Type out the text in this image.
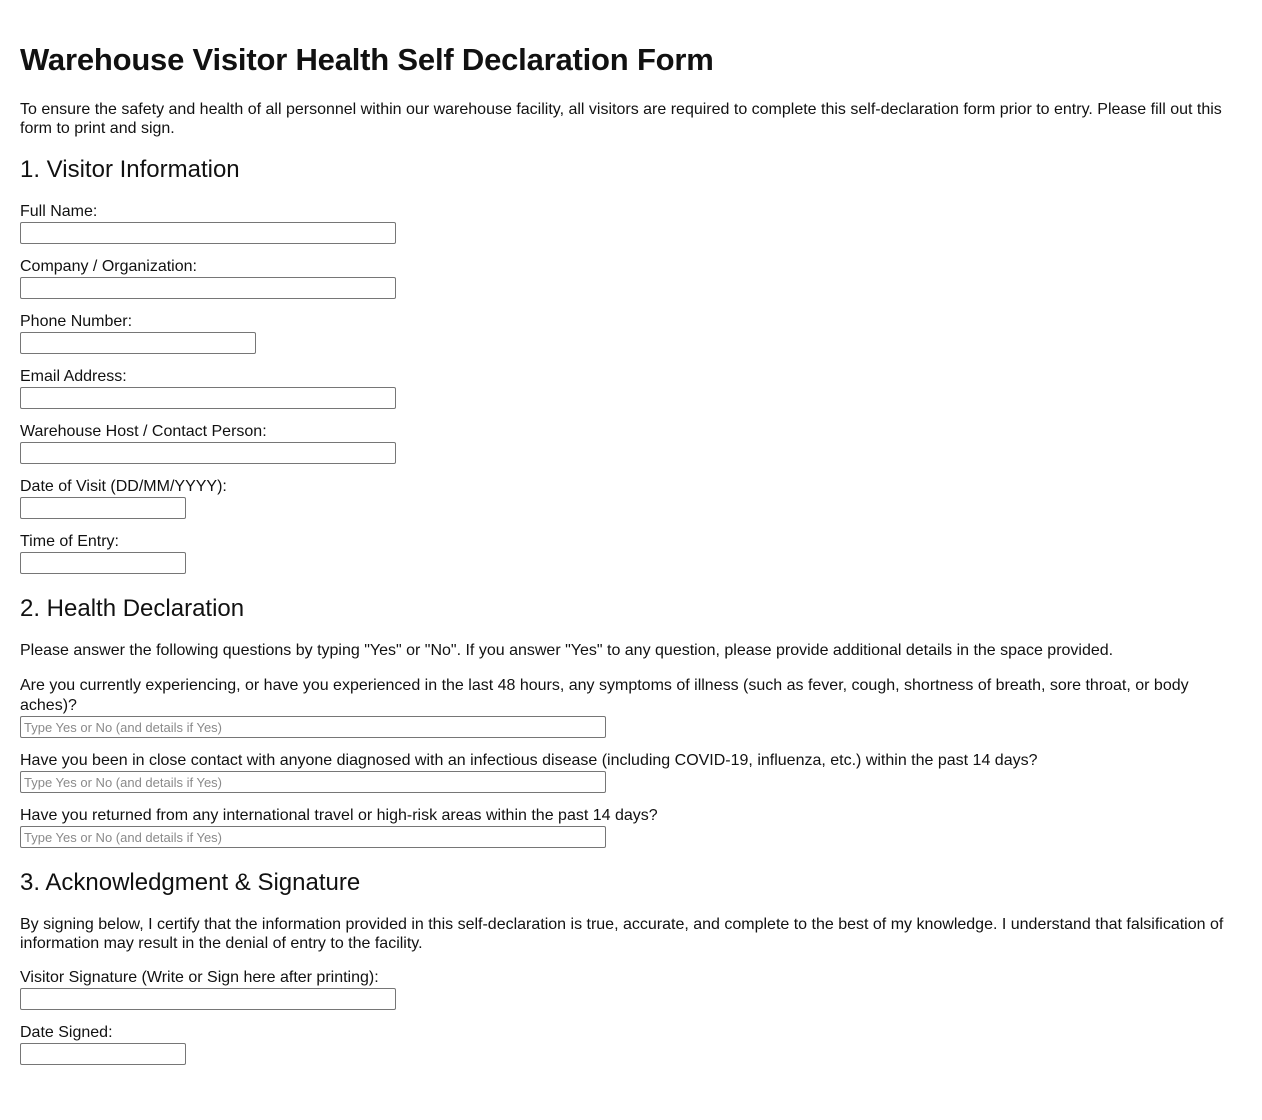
Warehouse Visitor Health Self Declaration Form

To ensure the safety and health of all personnel within our warehouse facility, all visitors are required to complete this self-declaration form prior to entry. Please fill out this form to print and sign.

1. Visitor Information
Full Name:
Company / Organization:
Phone Number:
Email Address:
Warehouse Host / Contact Person:
Date of Visit (DD/MM/YYYY):
Time of Entry:
2. Health Declaration

Please answer the following questions by typing "Yes" or "No". If you answer "Yes" to any question, please provide additional details in the space provided.

Are you currently experiencing, or have you experienced in the last 48 hours, any symptoms of illness (such as fever, cough, shortness of breath, sore throat, or body aches)?
Type Yes or No (and details if Yes)
Have you been in close contact with anyone diagnosed with an infectious disease (including COVID-19, influenza, etc.) within the past 14 days?
Type Yes or No (and details if Yes)
Have you returned from any international travel or high-risk areas within the past 14 days?
Type Yes or No (and details if Yes)
3. Acknowledgment & Signature

By signing below, I certify that the information provided in this self-declaration is true, accurate, and complete to the best of my knowledge. I understand that falsification of information may result in the denial of entry to the facility.

Visitor Signature (Write or Sign here after printing):
Date Signed:
